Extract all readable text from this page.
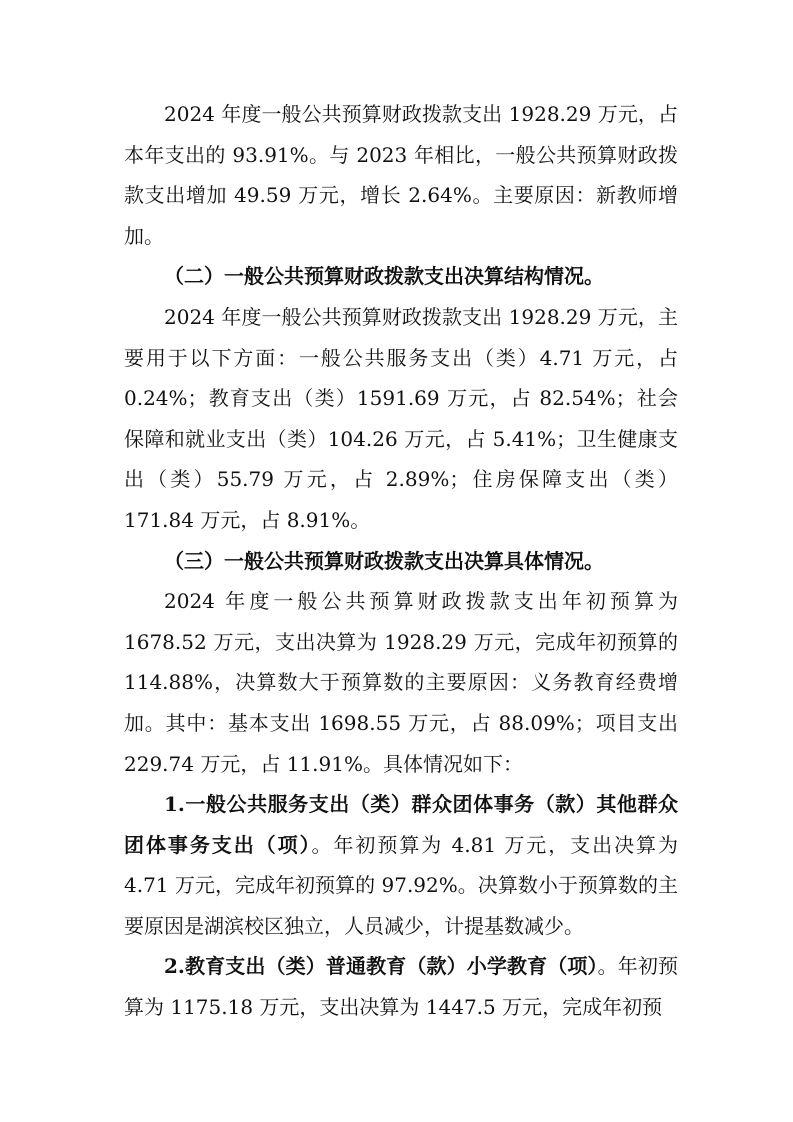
2024 年度一般公共预算财政拨款支出 1928.29 万元，占本年支出的 93.91%。与 2023 年相比，一般公共预算财政拨款支出增加 49.59 万元，增长 2.64%。主要原因：新教师增加。

（二）一般公共预算财政拨款支出决算结构情况。

2024 年度一般公共预算财政拨款支出 1928.29 万元，主要用于以下方面：一般公共服务支出（类）4.71 万元，占 0.24%；教育支出（类）1591.69 万元，占 82.54%；社会保障和就业支出（类）104.26 万元，占 5.41%；卫生健康支出（类）55.79 万元，占 2.89%；住房保障支出（类）171.84 万元，占 8.91%。

（三）一般公共预算财政拨款支出决算具体情况。

2024 年度一般公共预算财政拨款支出年初预算为 1678.52 万元，支出决算为 1928.29 万元，完成年初预算的 114.88%，决算数大于预算数的主要原因：义务教育经费增加。其中：基本支出 1698.55 万元，占 88.09%；项目支出 229.74 万元，占 11.91%。具体情况如下：

1.一般公共服务支出（类）群众团体事务（款）其他群众团体事务支出（项）。年初预算为 4.81 万元，支出决算为 4.71 万元，完成年初预算的 97.92%。决算数小于预算数的主要原因是湖滨校区独立，人员减少，计提基数减少。

2.教育支出（类）普通教育（款）小学教育（项）。年初预算为 1175.18 万元，支出决算为 1447.5 万元，完成年初预
